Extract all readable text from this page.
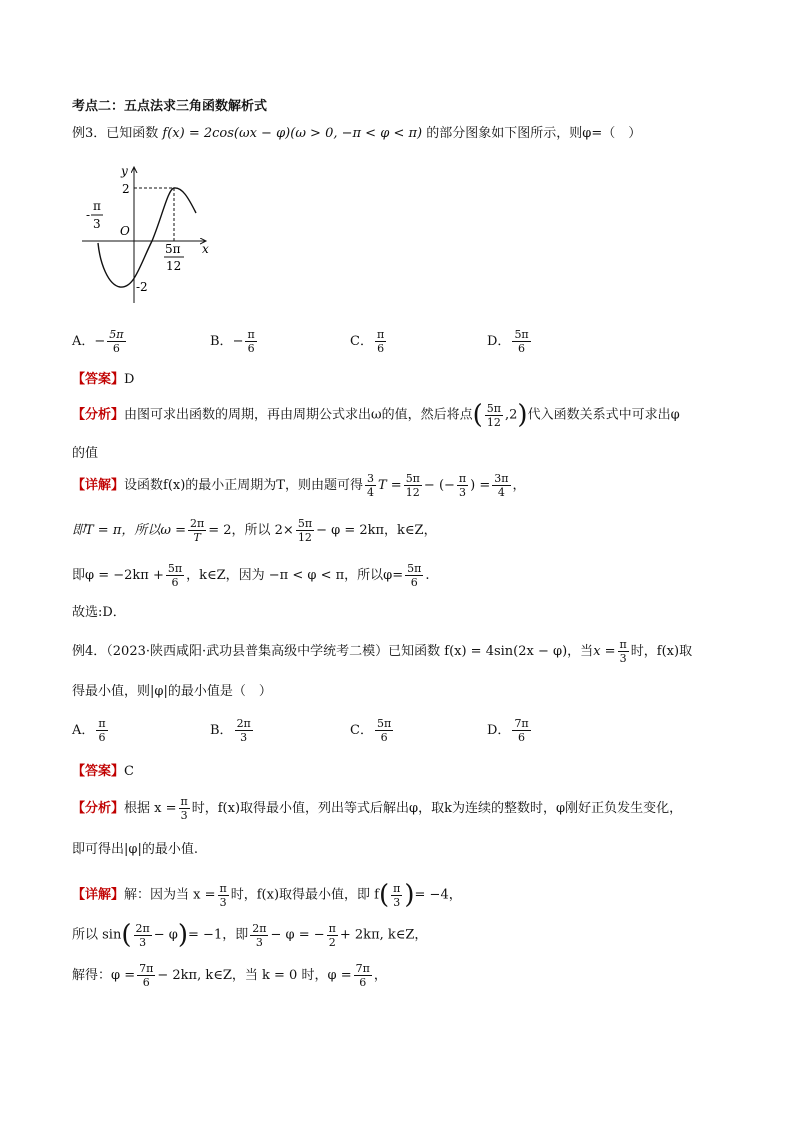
考点二：五点法求三角函数解析式
例3．已知函数 f(x) = 2cos(ωx − φ)(ω > 0, −π < φ < π) 的部分图象如下图所示，则φ=（　）
y
x
O
2
-2
-
π
3
5π
12
A．− $\frac{5\pi}{6}$	B．− $\frac{\pi}{6}$	C． $\frac{\pi}{6}$	D． $\frac{5\pi}{6}$
【答案】D
【分析】由图可求出函数的周期，再由周期公式求出ω的值，然后将点( $\frac{5\pi}{12} ,2$)代入函数关系式中可求出φ
的值
【详解】设函数f(x)的最小正周期为T，则由题可得 $\frac{3}{4}$ $T = \frac{5\pi}{12}$ − (− $\frac{\pi}{3}$ ) = $\frac{3\pi}{4}$ ，
即T = π，所以$\omega = \frac{2\pi}{T} = 2$，所以 $2\times \frac{5\pi}{12} - \varphi = 2k\pi$，k∈Z，
即$\varphi = -2k\pi + \frac{5\pi}{6}$ ，k∈Z，因为 −π < φ < π，所以$\varphi= \frac{5\pi}{6}$ .
故选:D．
例4．（2023·陕西咸阳·武功县普集高级中学统考二模）已知函数 f(x) = 4sin(2x − φ)，当$x = \frac{\pi}{3}$ 时，f(x)取
得最小值，则|φ|的最小值是（　）
A． $\frac{\pi}{6}$	B． $\frac{2\pi}{3}$	C． $\frac{5\pi}{6}$	D． $\frac{7\pi}{6}$
【答案】C
【分析】根据 $x = \frac{\pi}{3}$ 时，f(x)取得最小值，列出等式后解出φ，取k为连续的整数时，φ刚好正负发生变化，
即可得出|φ|的最小值.
【详解】解：因为当 $x = \frac{\pi}{3}$ 时，f(x)取得最小值，即 $f( \frac{\pi}{3}$ )= −4，
所以 $\sin( \frac{2\pi}{3} - \varphi)= -1$，即 $\frac{2\pi}{3} - \varphi$ = − $\frac{\pi}{2} + 2k\pi$, k∈Z，
解得：$\varphi = \frac{7\pi}{6} - 2k\pi$, k∈Z，当 k = 0 时，$\varphi = \frac{7\pi}{6}$ ，
